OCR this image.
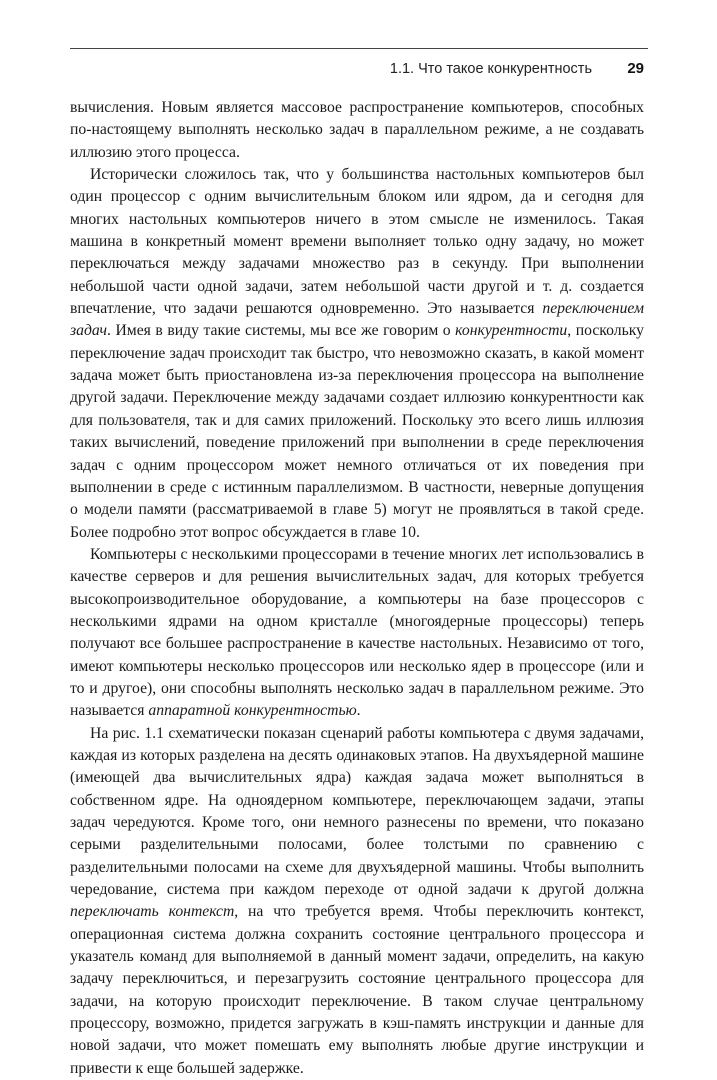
1.1. Что такое конкурентность 29

вычисления. Новым является массовое распространение компьютеров, способных по-настоящему выполнять несколько задач в параллельном режиме, а не создавать иллюзию этого процесса.

Исторически сложилось так, что у большинства настольных компьютеров был один процессор с одним вычислительным блоком или ядром, да и сегодня для многих настольных компьютеров ничего в этом смысле не изменилось. Такая машина в конкретный момент времени выполняет только одну задачу, но может переключаться между задачами множество раз в секунду. При выполнении небольшой части одной задачи, затем небольшой части другой и т. д. создается впечатление, что задачи решаются одновременно. Это называется переключением задач. Имея в виду такие системы, мы все же говорим о конкурентности, поскольку переключение задач происходит так быстро, что невозможно сказать, в какой момент задача может быть приостановлена из-за переключения процессора на выполнение другой задачи. Переключение между задачами создает иллюзию конкурентности как для пользователя, так и для самих приложений. Поскольку это всего лишь иллюзия таких вычислений, поведение приложений при выполнении в среде переключения задач с одним процессором может немного отличаться от их поведения при выполнении в среде с истинным параллелизмом. В частности, неверные допущения о модели памяти (рассматриваемой в главе 5) могут не проявляться в такой среде. Более подробно этот вопрос обсуждается в главе 10.

Компьютеры с несколькими процессорами в течение многих лет использовались в качестве серверов и для решения вычислительных задач, для которых требуется высокопроизводительное оборудование, а компьютеры на базе процессоров с несколькими ядрами на одном кристалле (многоядерные процессоры) теперь получают все большее распространение в качестве настольных. Независимо от того, имеют компьютеры несколько процессоров или несколько ядер в процессоре (или и то и другое), они способны выполнять несколько задач в параллельном режиме. Это называется аппаратной конкурентностью.

На рис. 1.1 схематически показан сценарий работы компьютера с двумя задачами, каждая из которых разделена на десять одинаковых этапов. На двухъядерной машине (имеющей два вычислительных ядра) каждая задача может выполняться в собственном ядре. На одноядерном компьютере, переключающем задачи, этапы задач чередуются. Кроме того, они немного разнесены по времени, что показано серыми разделительными полосами, более толстыми по сравнению с разделительными полосами на схеме для двухъядерной машины. Чтобы выполнить чередование, система при каждом переходе от одной задачи к другой должна переключать контекст, на что требуется время. Чтобы переключить контекст, операционная система должна сохранить состояние центрального процессора и указатель команд для выполняемой в данный момент задачи, определить, на какую задачу переключиться, и перезагрузить состояние центрального процессора для задачи, на которую происходит переключение. В таком случае центральному процессору, возможно, придется загружать в кэш-память инструкции и данные для новой задачи, что может помешать ему выполнять любые другие инструкции и привести к еще большей задержке.
